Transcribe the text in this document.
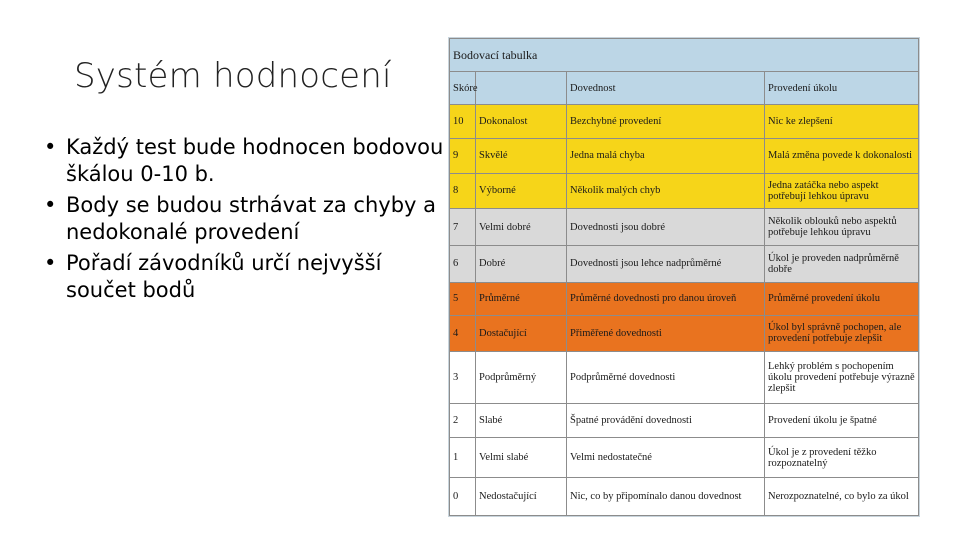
Systém hodnocení
• Každý test bude hodnocen bodovou škálou 0-10 b.
• Body se budou strhávat za chyby a nedokonalé provedení
• Pořadí závodníků určí nejvyšší součet bodů
Bodovací tabulka			
Skóre		Dovednost	Provedení úkolu
10	Dokonalost	Bezchybné provedení	Nic ke zlepšení
9	Skvělé	Jedna malá chyba	Malá změna povede k dokonalosti
8	Výborné	Několik malých chyb	Jedna zatáčka nebo aspekt potřebují lehkou úpravu
7	Velmi dobré	Dovednosti jsou dobré	Několik oblouků nebo aspektů potřebuje lehkou úpravu
6	Dobré	Dovednosti jsou lehce nadprůměrné	Úkol je proveden nadprůměrně dobře
5	Průměrné	Průměrné dovednosti pro danou úroveň	Průměrné provedení úkolu
4	Dostačující	Přiměřené dovednosti	Úkol byl správně pochopen, ale provedení potřebuje zlepšit
3	Podprůměrný	Podprůměrné dovednosti	Lehký problém s pochopením úkolu provedení potřebuje výrazně zlepšit
2	Slabé	Špatné provádění dovednosti	Provedení úkolu je špatné
1	Velmi slabé	Velmi nedostatečné	Úkol je z provedení těžko rozpoznatelný
0	Nedostačující	Nic, co by připomínalo danou dovednost	Nerozpoznatelné, co bylo za úkol
